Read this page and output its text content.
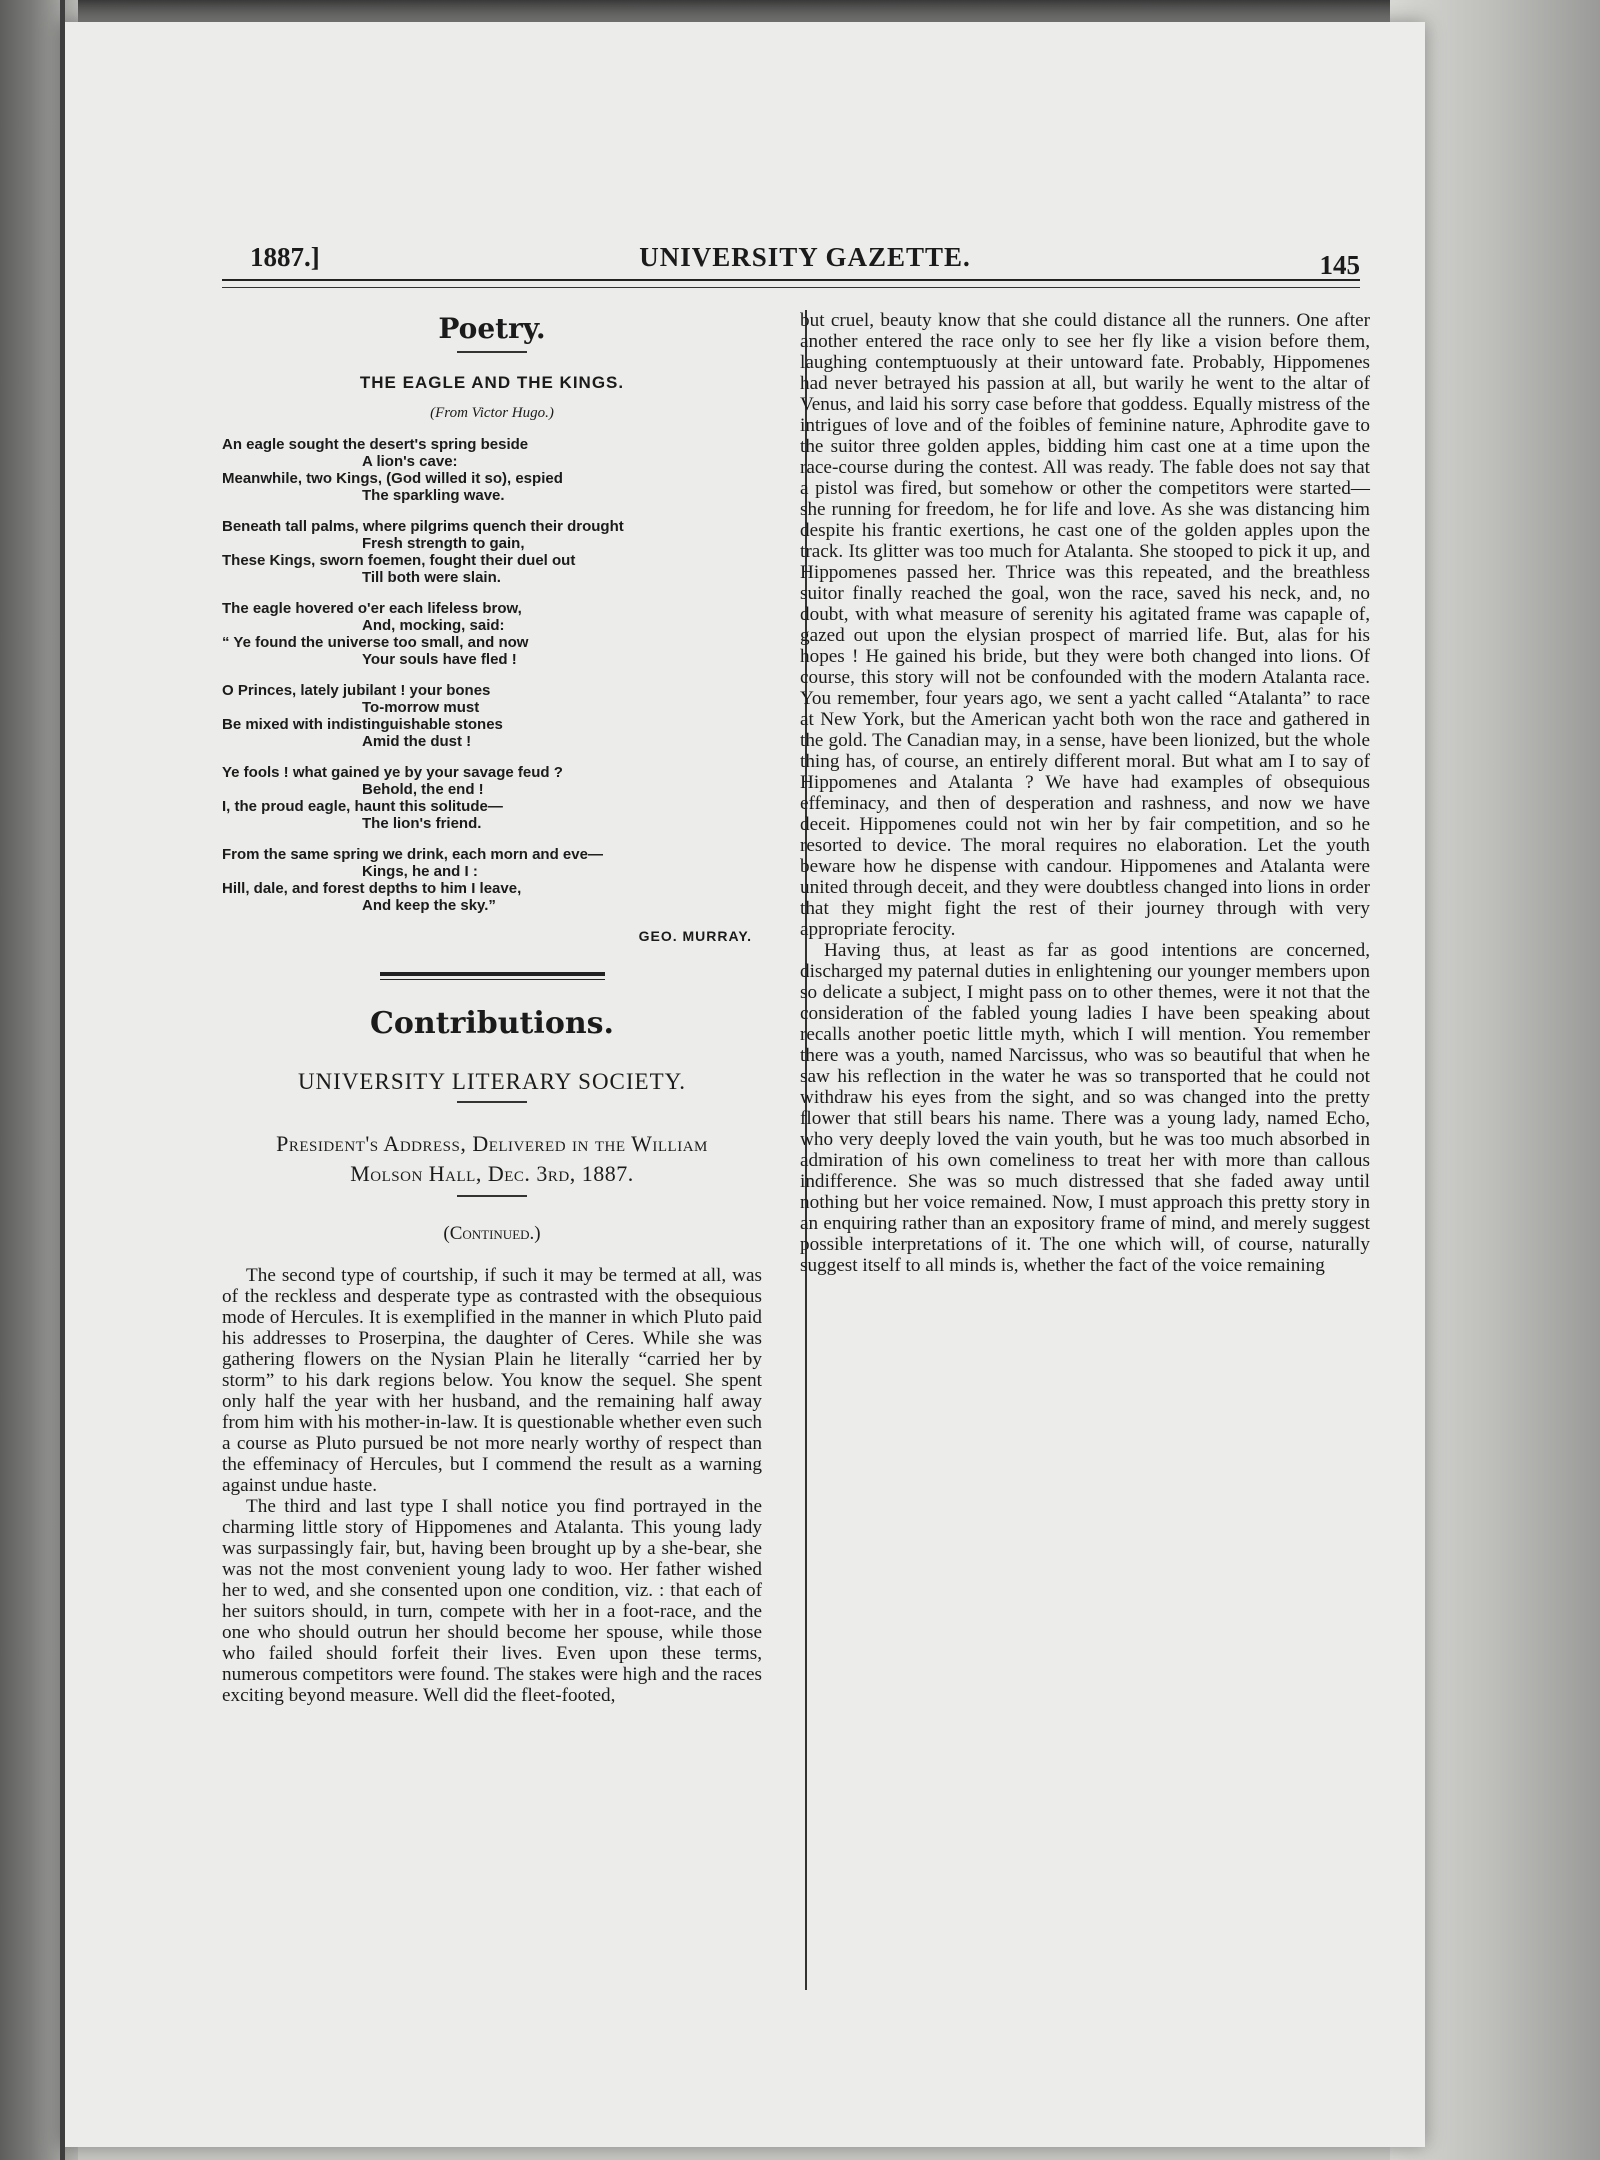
1887.]	UNIVERSITY GAZETTE.	145
Poetry.
THE EAGLE AND THE KINGS.
(From Victor Hugo.)
An eagle sought the desert's spring beside
A lion's cave:
Meanwhile, two Kings, (God willed it so), espied
The sparkling wave.
Beneath tall palms, where pilgrims quench their drought
Fresh strength to gain,
These Kings, sworn foemen, fought their duel out
Till both were slain.
The eagle hovered o'er each lifeless brow,
And, mocking, said:
“ Ye found the universe too small, and now
Your souls have fled !
O Princes, lately jubilant ! your bones
To-morrow must
Be mixed with indistinguishable stones
Amid the dust !
Ye fools ! what gained ye by your savage feud ?
Behold, the end !
I, the proud eagle, haunt this solitude—
The lion's friend.
From the same spring we drink, each morn and eve—
Kings, he and I :
Hill, dale, and forest depths to him I leave,
And keep the sky.”
GEO. MURRAY.
Contributions.
UNIVERSITY LITERARY SOCIETY.
President's Address, Delivered in the William
Molson Hall, Dec. 3rd, 1887.
(Continued.)

The second type of courtship, if such it may be termed at all, was of the reckless and desperate type as contrasted with the obsequious mode of Hercules. It is exemplified in the manner in which Pluto paid his addresses to Proserpina, the daughter of Ceres. While she was gathering flowers on the Nysian Plain he literally “carried her by storm” to his dark regions below. You know the sequel. She spent only half the year with her husband, and the remaining half away from him with his mother-in-law. It is questionable whether even such a course as Pluto pursued be not more nearly worthy of respect than the effeminacy of Hercules, but I commend the result as a warning against undue haste.

The third and last type I shall notice you find portrayed in the charming little story of Hippomenes and Atalanta. This young lady was surpassingly fair, but, having been brought up by a she-bear, she was not the most convenient young lady to woo. Her father wished her to wed, and she consented upon one condition, viz. : that each of her suitors should, in turn, compete with her in a foot-race, and the one who should outrun her should become her spouse, while those who failed should forfeit their lives. Even upon these terms, numerous competitors were found. The stakes were high and the races exciting beyond measure. Well did the fleet-footed,

but cruel, beauty know that she could distance all the runners. One after another entered the race only to see her fly like a vision before them, laughing contemptuously at their untoward fate. Probably, Hippomenes had never betrayed his passion at all, but warily he went to the altar of Venus, and laid his sorry case before that goddess. Equally mistress of the intrigues of love and of the foibles of feminine nature, Aphrodite gave to the suitor three golden apples, bidding him cast one at a time upon the race-course during the contest. All was ready. The fable does not say that a pistol was fired, but somehow or other the competitors were started—she running for freedom, he for life and love. As she was distancing him despite his frantic exertions, he cast one of the golden apples upon the track. Its glitter was too much for Atalanta. She stooped to pick it up, and Hippomenes passed her. Thrice was this repeated, and the breathless suitor finally reached the goal, won the race, saved his neck, and, no doubt, with what measure of serenity his agitated frame was capaple of, gazed out upon the elysian prospect of married life. But, alas for his hopes ! He gained his bride, but they were both changed into lions. Of course, this story will not be confounded with the modern Atalanta race. You remember, four years ago, we sent a yacht called “Atalanta” to race at New York, but the American yacht both won the race and gathered in the gold. The Canadian may, in a sense, have been lionized, but the whole thing has, of course, an entirely different moral. But what am I to say of Hippomenes and Atalanta ? We have had examples of obsequious effeminacy, and then of desperation and rashness, and now we have deceit. Hippomenes could not win her by fair competition, and so he resorted to device. The moral requires no elaboration. Let the youth beware how he dispense with candour. Hippomenes and Atalanta were united through deceit, and they were doubtless changed into lions in order that they might fight the rest of their journey through with very appropriate ferocity.

Having thus, at least as far as good intentions are concerned, discharged my paternal duties in enlightening our younger members upon so delicate a subject, I might pass on to other themes, were it not that the consideration of the fabled young ladies I have been speaking about recalls another poetic little myth, which I will mention. You remember there was a youth, named Narcissus, who was so beautiful that when he saw his reflection in the water he was so transported that he could not withdraw his eyes from the sight, and so was changed into the pretty flower that still bears his name. There was a young lady, named Echo, who very deeply loved the vain youth, but he was too much absorbed in admiration of his own comeliness to treat her with more than callous indifference. She was so much distressed that she faded away until nothing but her voice remained. Now, I must approach this pretty story in an enquiring rather than an expository frame of mind, and merely suggest possible interpretations of it. The one which will, of course, naturally suggest itself to all minds is, whether the fact of the voice remaining
